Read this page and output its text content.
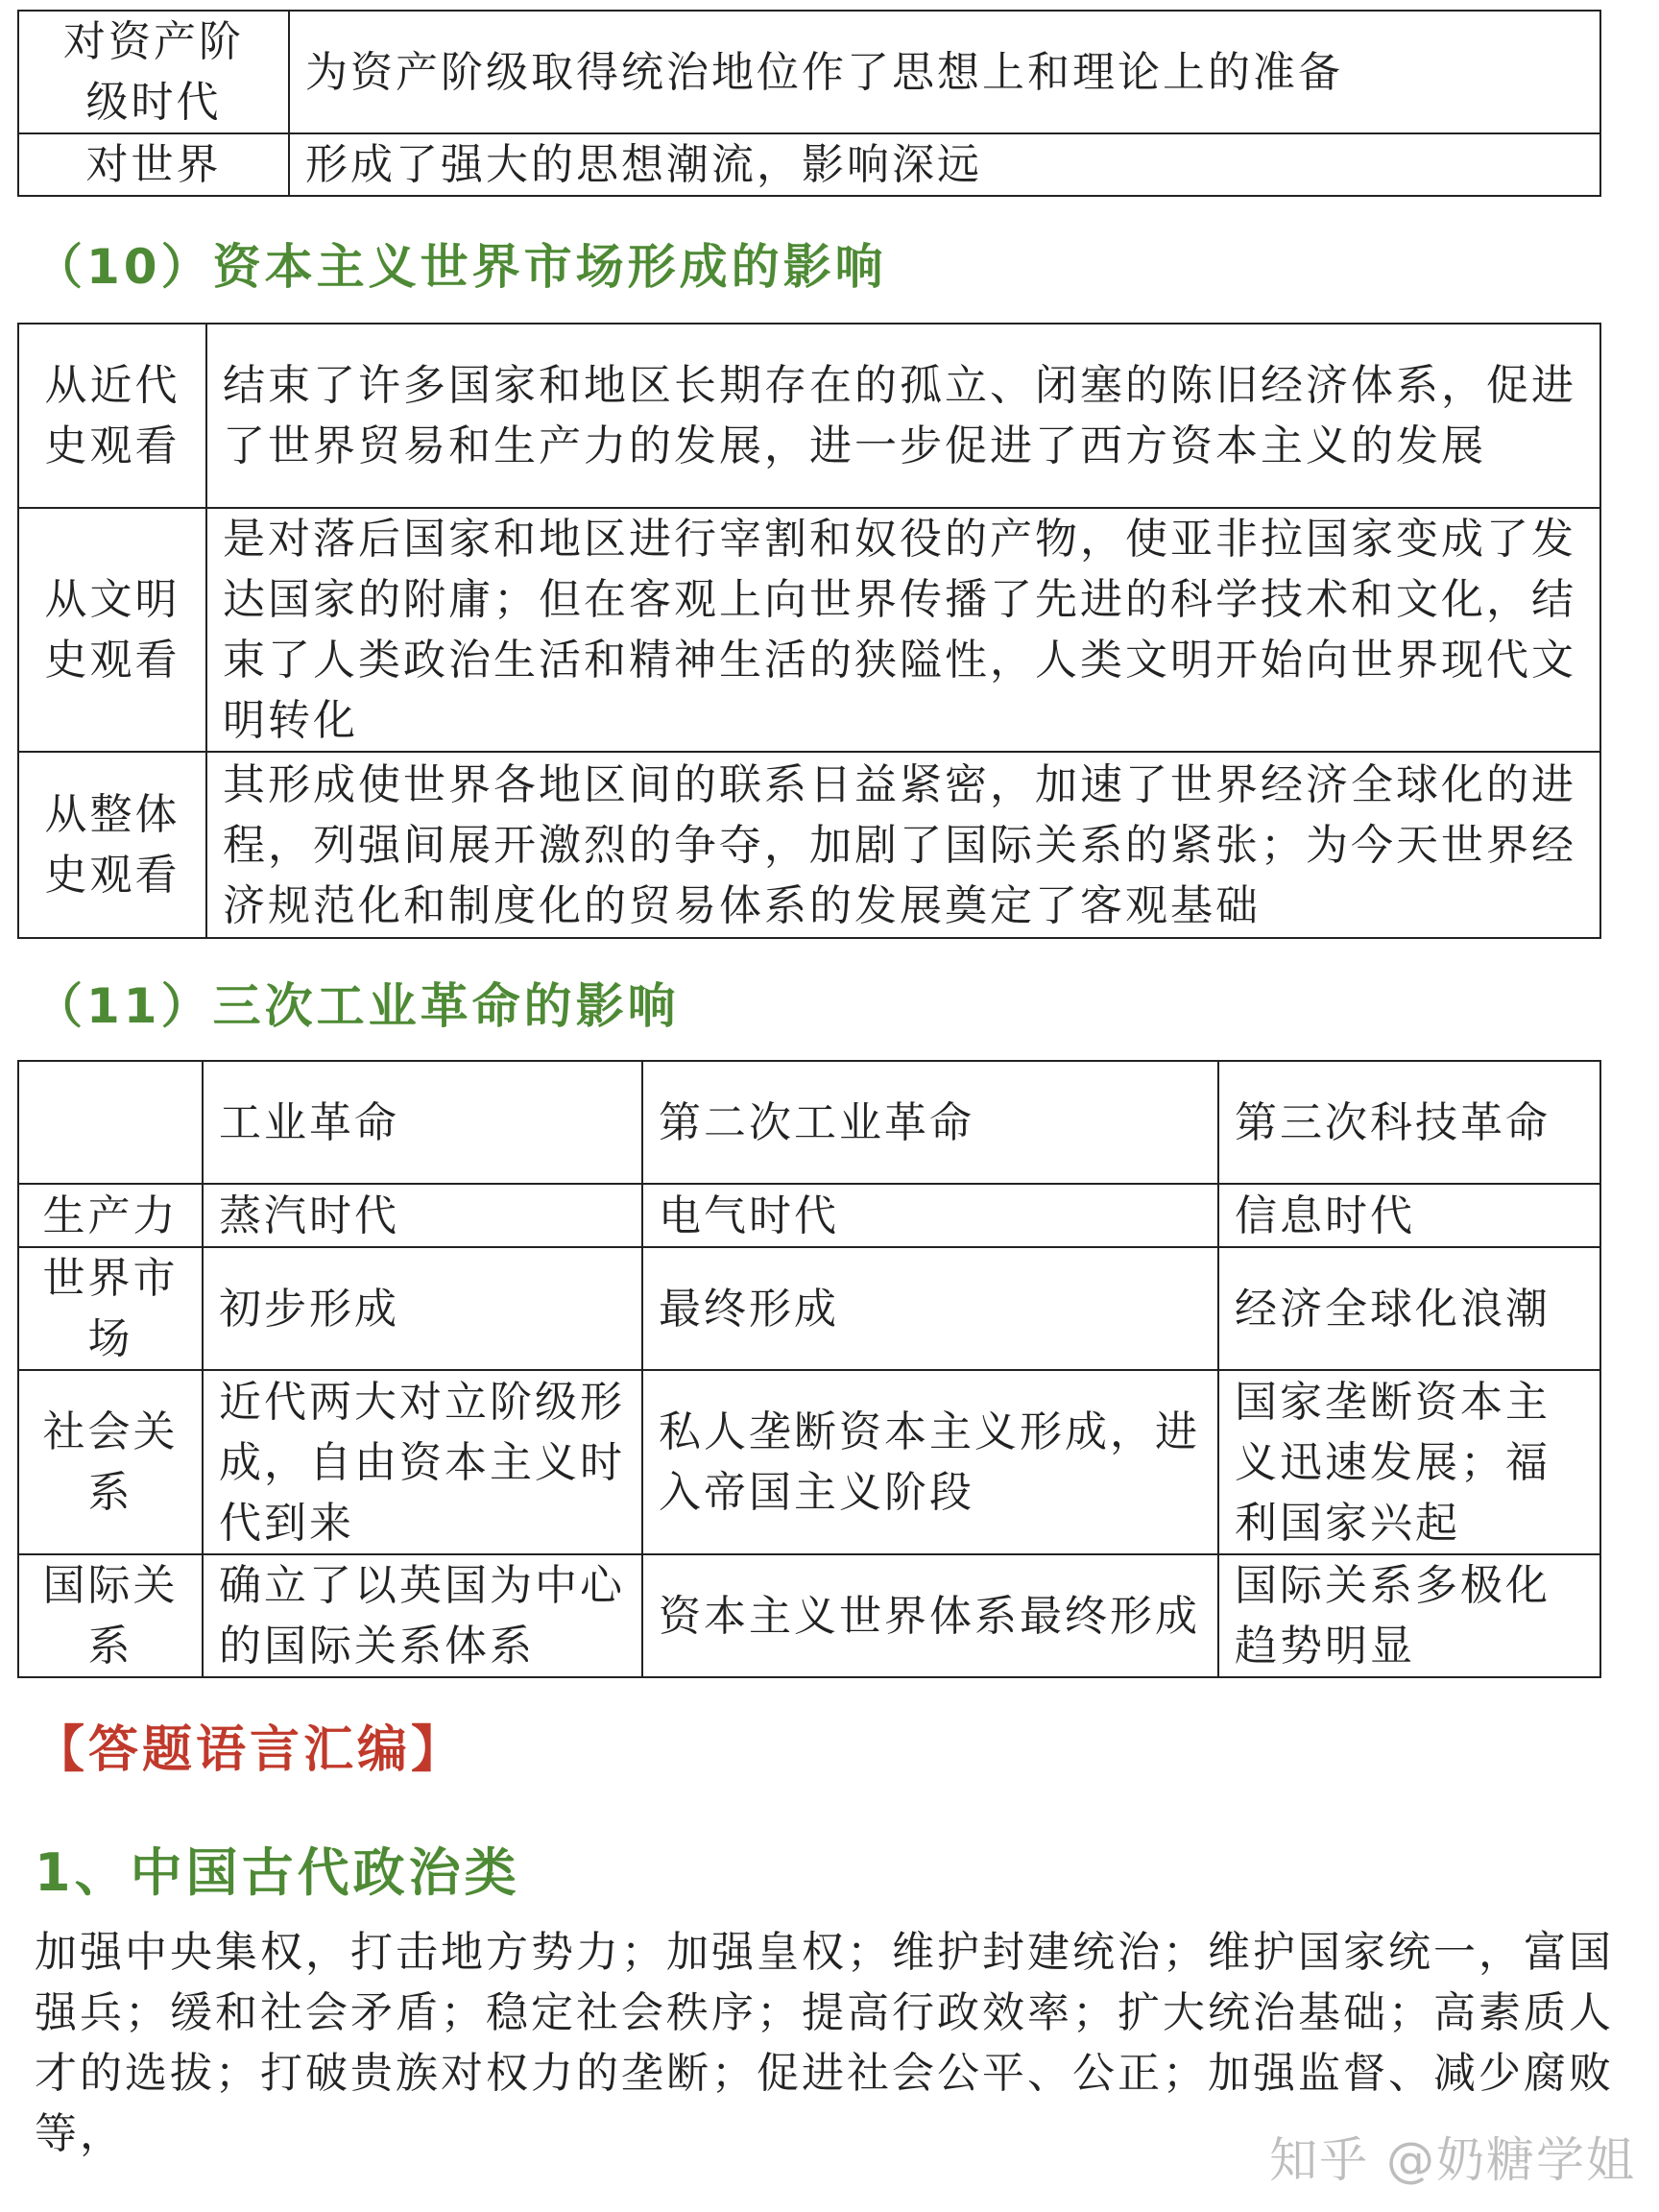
对资产阶级时代	为资产阶级取得统治地位作了思想上和理论上的准备
对世界	形成了强大的思想潮流，影响深远
（10）资本主义世界市场形成的影响
从近代史观看	结束了许多国家和地区长期存在的孤立、闭塞的陈旧经济体系，促进了世界贸易和生产力的发展，进一步促进了西方资本主义的发展
从文明史观看	是对落后国家和地区进行宰割和奴役的产物，使亚非拉国家变成了发达国家的附庸；但在客观上向世界传播了先进的科学技术和文化，结束了人类政治生活和精神生活的狭隘性，人类文明开始向世界现代文明转化
从整体史观看	其形成使世界各地区间的联系日益紧密，加速了世界经济全球化的进程，列强间展开激烈的争夺，加剧了国际关系的紧张；为今天世界经济规范化和制度化的贸易体系的发展奠定了客观基础
（11）三次工业革命的影响
	工业革命	第二次工业革命	第三次科技革命
生产力	蒸汽时代	电气时代	信息时代
世界市场	初步形成	最终形成	经济全球化浪潮
社会关系	近代两大对立阶级形成，自由资本主义时代到来	私人垄断资本主义形成，进入帝国主义阶段	国家垄断资本主义迅速发展；福利国家兴起
国际关系	确立了以英国为中心的国际关系体系	资本主义世界体系最终形成	国际关系多极化趋势明显
【答题语言汇编】
1、中国古代政治类

加强中央集权，打击地方势力；加强皇权；维护封建统治；维护国家统一，富国强兵；缓和社会矛盾；稳定社会秩序；提高行政效率；扩大统治基础；高素质人才的选拔；打破贵族对权力的垄断；促进社会公平、公正；加强监督、减少腐败等，	知乎 @奶糖学姐
